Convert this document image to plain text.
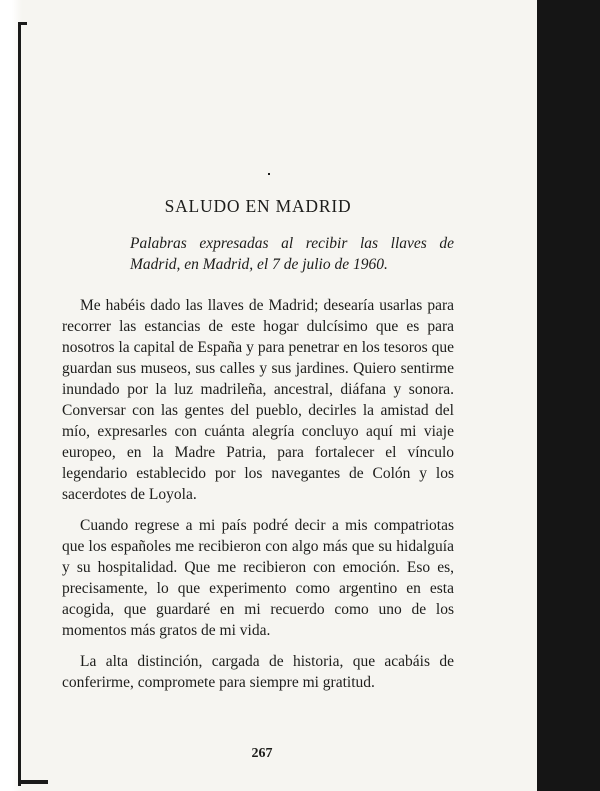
SALUDO EN MADRID

Palabras expresadas al recibir las llaves de Madrid, en Madrid, el 7 de julio de 1960.

Me habéis dado las llaves de Madrid; desearía usarlas para recorrer las estancias de este hogar dulcísimo que es para nosotros la capital de España y para penetrar en los tesoros que guardan sus museos, sus calles y sus jardines. Quiero sentirme inundado por la luz madrileña, ancestral, diáfana y sonora. Conversar con las gentes del pueblo, decirles la amistad del mío, expresarles con cuánta alegría concluyo aquí mi viaje europeo, en la Madre Patria, para fortalecer el vínculo legendario establecido por los navegantes de Colón y los sacerdotes de Loyola.

Cuando regrese a mi país podré decir a mis compatriotas que los españoles me recibieron con algo más que su hidalguía y su hospitalidad. Que me recibieron con emoción. Eso es, precisamente, lo que experimento como argentino en esta acogida, que guardaré en mi recuerdo como uno de los momentos más gratos de mi vida.

La alta distinción, cargada de historia, que acabáis de conferirme, compromete para siempre mi gratitud.

267
